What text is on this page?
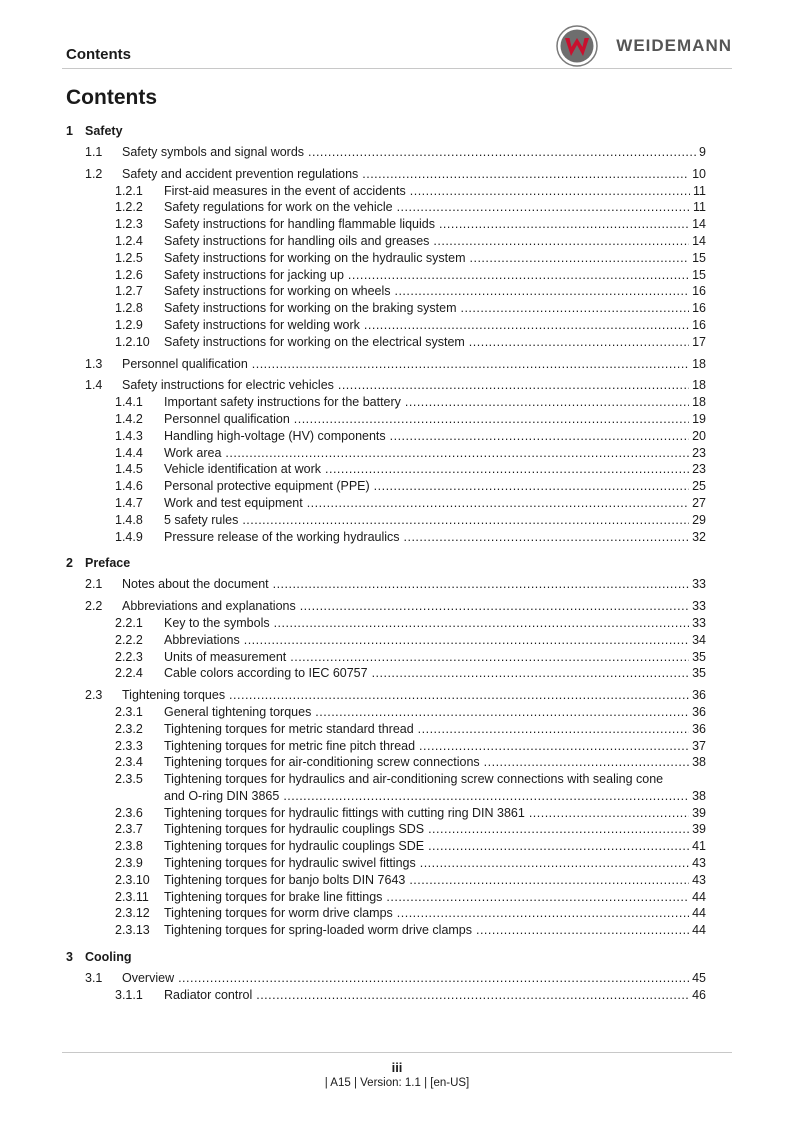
Contents	WEIDEMANN
Contents
1 Safety
1.1	Safety symbols and signal words .....	9
1.2	Safety and accident prevention regulations .....	10
1.2.1	First-aid measures in the event of accidents .....	11
1.2.2	Safety regulations for work on the vehicle .....	11
1.2.3	Safety instructions for handling flammable liquids .....	14
1.2.4	Safety instructions for handling oils and greases .....	14
1.2.5	Safety instructions for working on the hydraulic system .....	15
1.2.6	Safety instructions for jacking up .....	15
1.2.7	Safety instructions for working on wheels .....	16
1.2.8	Safety instructions for working on the braking system .....	16
1.2.9	Safety instructions for welding work .....	16
1.2.10	Safety instructions for working on the electrical system .....	17
1.3	Personnel qualification .....	18
1.4	Safety instructions for electric vehicles .....	18
1.4.1	Important safety instructions for the battery .....	18
1.4.2	Personnel qualification .....	19
1.4.3	Handling high-voltage (HV) components .....	20
1.4.4	Work area .....	23
1.4.5	Vehicle identification at work .....	23
1.4.6	Personal protective equipment (PPE) .....	25
1.4.7	Work and test equipment .....	27
1.4.8	5 safety rules .....	29
1.4.9	Pressure release of the working hydraulics .....	32
2 Preface
2.1	Notes about the document .....	33
2.2	Abbreviations and explanations .....	33
2.2.1	Key to the symbols .....	33
2.2.2	Abbreviations .....	34
2.2.3	Units of measurement .....	35
2.2.4	Cable colors according to IEC 60757 .....	35
2.3	Tightening torques .....	36
2.3.1	General tightening torques .....	36
2.3.2	Tightening torques for metric standard thread .....	36
2.3.3	Tightening torques for metric fine pitch thread .....	37
2.3.4	Tightening torques for air-conditioning screw connections .....	38
2.3.5	Tightening torques for hydraulics and air-conditioning screw connections with sealing cone
and O-ring DIN 3865 .....	38
2.3.6	Tightening torques for hydraulic fittings with cutting ring DIN 3861 .....	39
2.3.7	Tightening torques for hydraulic couplings SDS .....	39
2.3.8	Tightening torques for hydraulic couplings SDE .....	41
2.3.9	Tightening torques for hydraulic swivel fittings .....	43
2.3.10	Tightening torques for banjo bolts DIN 7643 .....	43
2.3.11	Tightening torques for brake line fittings .....	44
2.3.12	Tightening torques for worm drive clamps .....	44
2.3.13	Tightening torques for spring-loaded worm drive clamps .....	44
3 Cooling
3.1	Overview .....	45
3.1.1	Radiator control .....	46
iii
| A15 | Version: 1.1 | [en-US]
